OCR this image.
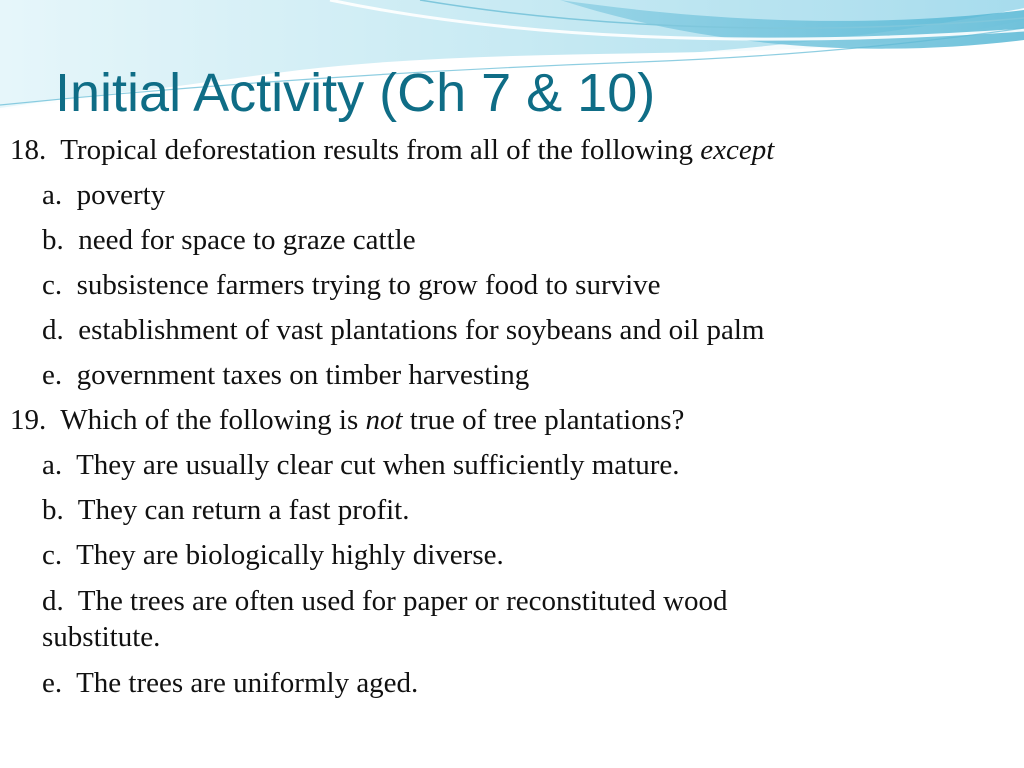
Initial Activity (Ch 7 & 10)
18.  Tropical deforestation results from all of the following except
a.  poverty
b.  need for space to graze cattle
c.  subsistence farmers trying to grow food to survive
d.  establishment of vast plantations for soybeans and oil palm
e.  government taxes on timber harvesting
19.  Which of the following is not true of tree plantations?
a.  They are usually clear cut when sufficiently mature.
b.  They can return a fast profit.
c.  They are biologically highly diverse.
d.  The trees are often used for paper or reconstituted wood
substitute.
e.  The trees are uniformly aged.
